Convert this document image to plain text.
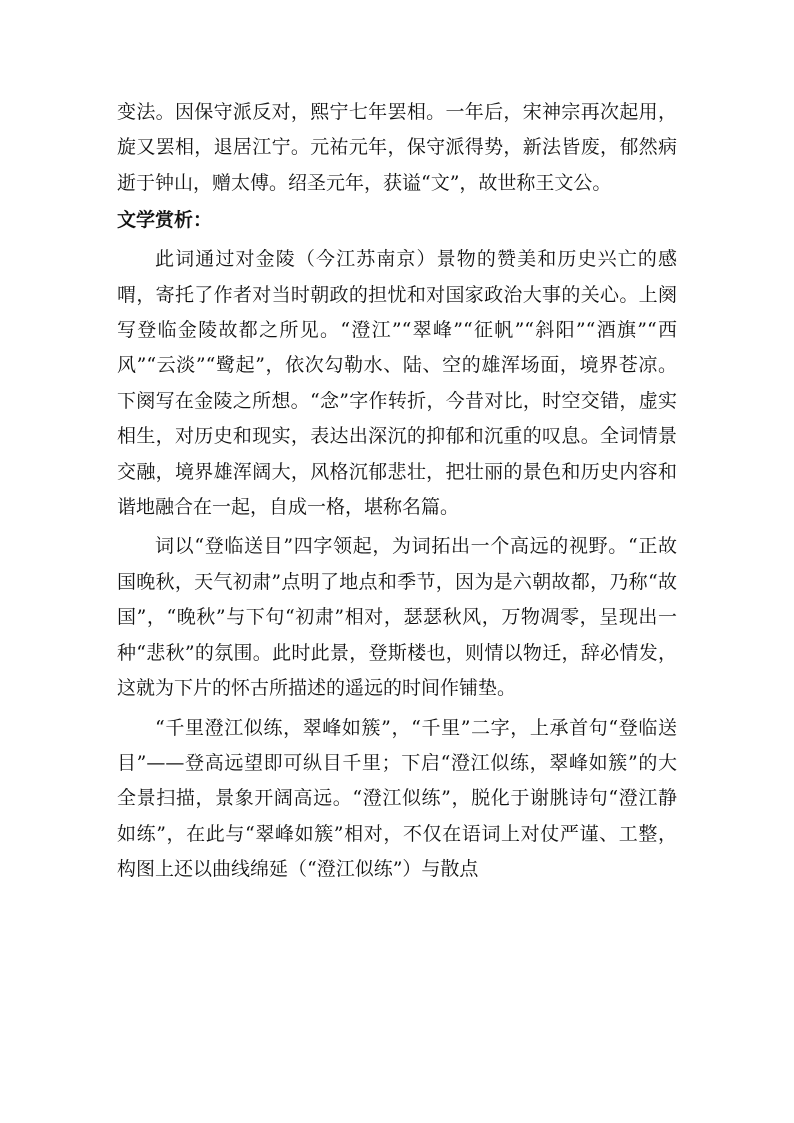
变法。因保守派反对，熙宁七年罢相。一年后，宋神宗再次起用，旋又罢相，退居江宁。元祐元年，保守派得势，新法皆废，郁然病逝于钟山，赠太傅。绍圣元年，获谥“文”，故世称王文公。

文学赏析：

此词通过对金陵（今江苏南京）景物的赞美和历史兴亡的感喟，寄托了作者对当时朝政的担忧和对国家政治大事的关心。上阕写登临金陵故都之所见。“澄江”“翠峰”“征帆”“斜阳”“酒旗”“西风”“云淡”“鹭起”，依次勾勒水、陆、空的雄浑场面，境界苍凉。下阕写在金陵之所想。“念”字作转折，今昔对比，时空交错，虚实相生，对历史和现实，表达出深沉的抑郁和沉重的叹息。全词情景交融，境界雄浑阔大，风格沉郁悲壮，把壮丽的景色和历史内容和谐地融合在一起，自成一格，堪称名篇。

词以“登临送目”四字领起，为词拓出一个高远的视野。“正故国晚秋，天气初肃”点明了地点和季节，因为是六朝故都，乃称“故国”，“晚秋”与下句“初肃”相对，瑟瑟秋风，万物凋零，呈现出一种“悲秋”的氛围。此时此景，登斯楼也，则情以物迁，辞必情发，这就为下片的怀古所描述的遥远的时间作铺垫。

“千里澄江似练，翠峰如簇”，“千里”二字，上承首句“登临送目”——登高远望即可纵目千里；下启“澄江似练，翠峰如簇”的大全景扫描，景象开阔高远。“澄江似练”，脱化于谢朓诗句“澄江静如练”，在此与“翠峰如簇”相对，不仅在语词上对仗严谨、工整，构图上还以曲线绵延（“澄江似练”）与散点
